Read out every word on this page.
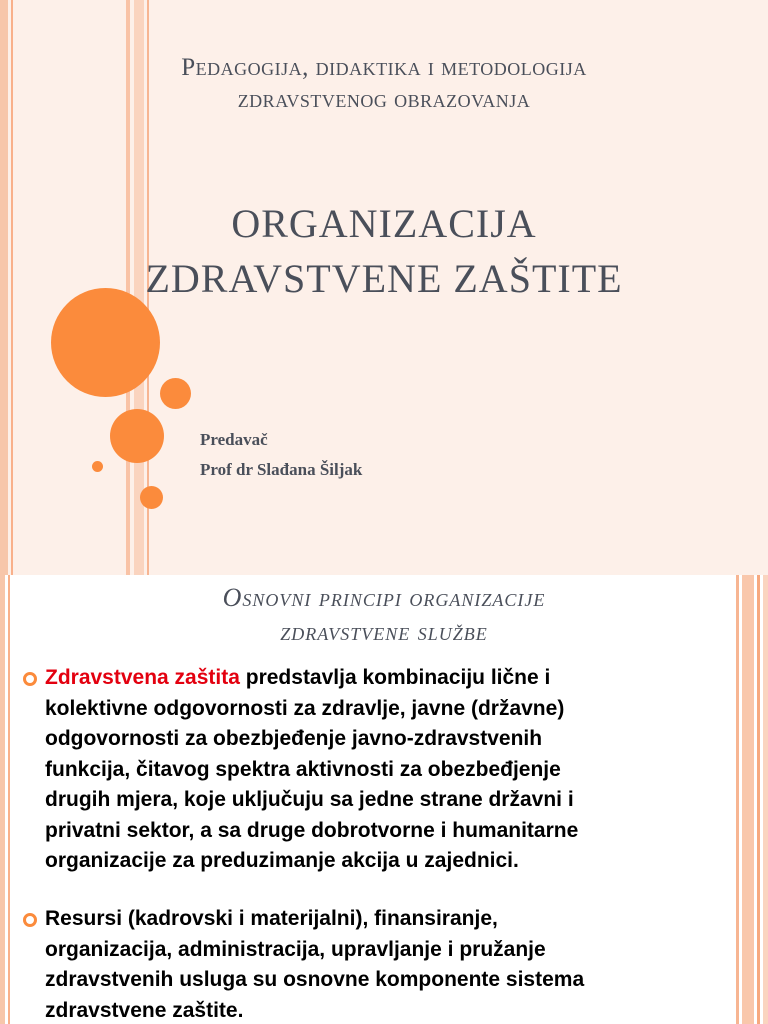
Pedagogija, didaktika i metodologija
zdravstvenog obrazovanja
ORGANIZACIJA
ZDRAVSTVENE ZAŠTITE
Predavač
Prof dr Slađana Šiljak
Osnovni principi organizacije
zdravstvene službe
Zdravstvena zaštita predstavlja kombinaciju lične i
kolektivne odgovornosti za zdravlje, javne (državne)
odgovornosti za obezbjeđenje javno-zdravstvenih
funkcija, čitavog spektra aktivnosti za obezbeđjenje
drugih mjera, koje uključuju sa jedne strane državni i
privatni sektor, a sa druge dobrotvorne i humanitarne
organizacije za preduzimanje akcija u zajednici.
Resursi (kadrovski i materijalni), finansiranje,
organizacija, administracija, upravljanje i pružanje
zdravstvenih usluga su osnovne komponente sistema
zdravstvene zaštite.
